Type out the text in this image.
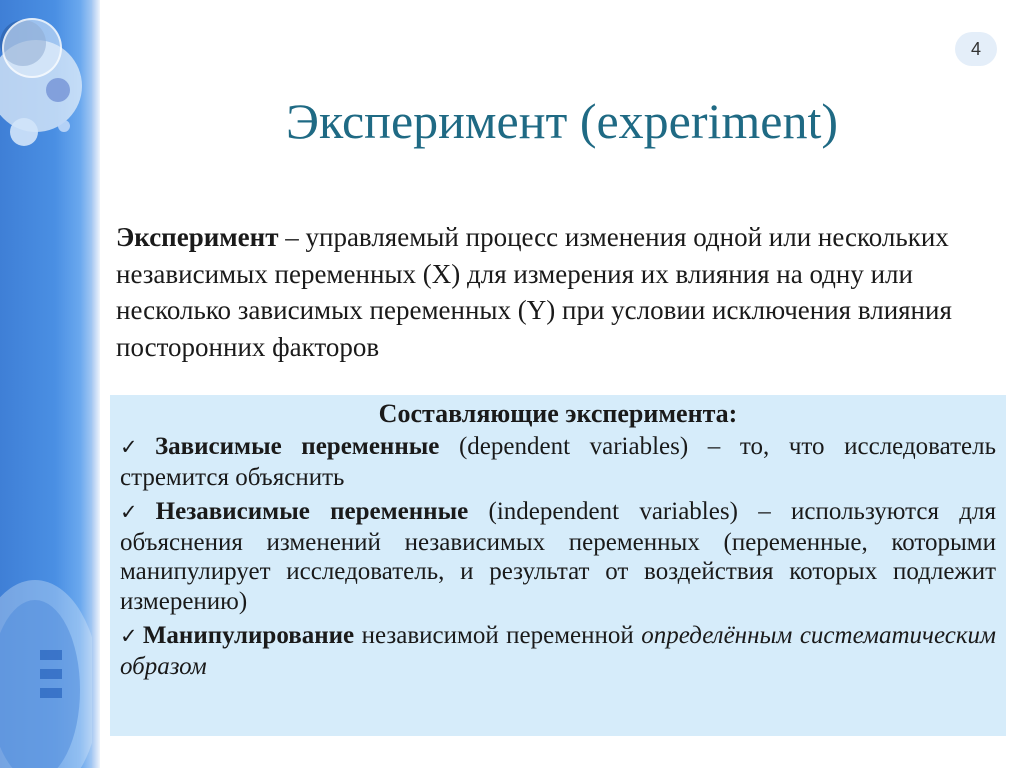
4
Эксперимент (experiment)

Эксперимент – управляемый процесс изменения одной или нескольких независимых переменных (X) для измерения их влияния на одну или несколько зависимых переменных (Y) при условии исключения влияния посторонних факторов

Составляющие эксперимента:
✓ Зависимые переменные (dependent variables) – то, что исследователь стремится объяснить
✓ Независимые переменные (independent variables) – используются для объяснения изменений независимых переменных (переменные, которыми манипулирует исследователь, и результат от воздействия которых подлежит измерению)
✓ Манипулирование независимой переменной определённым систематическим образом
